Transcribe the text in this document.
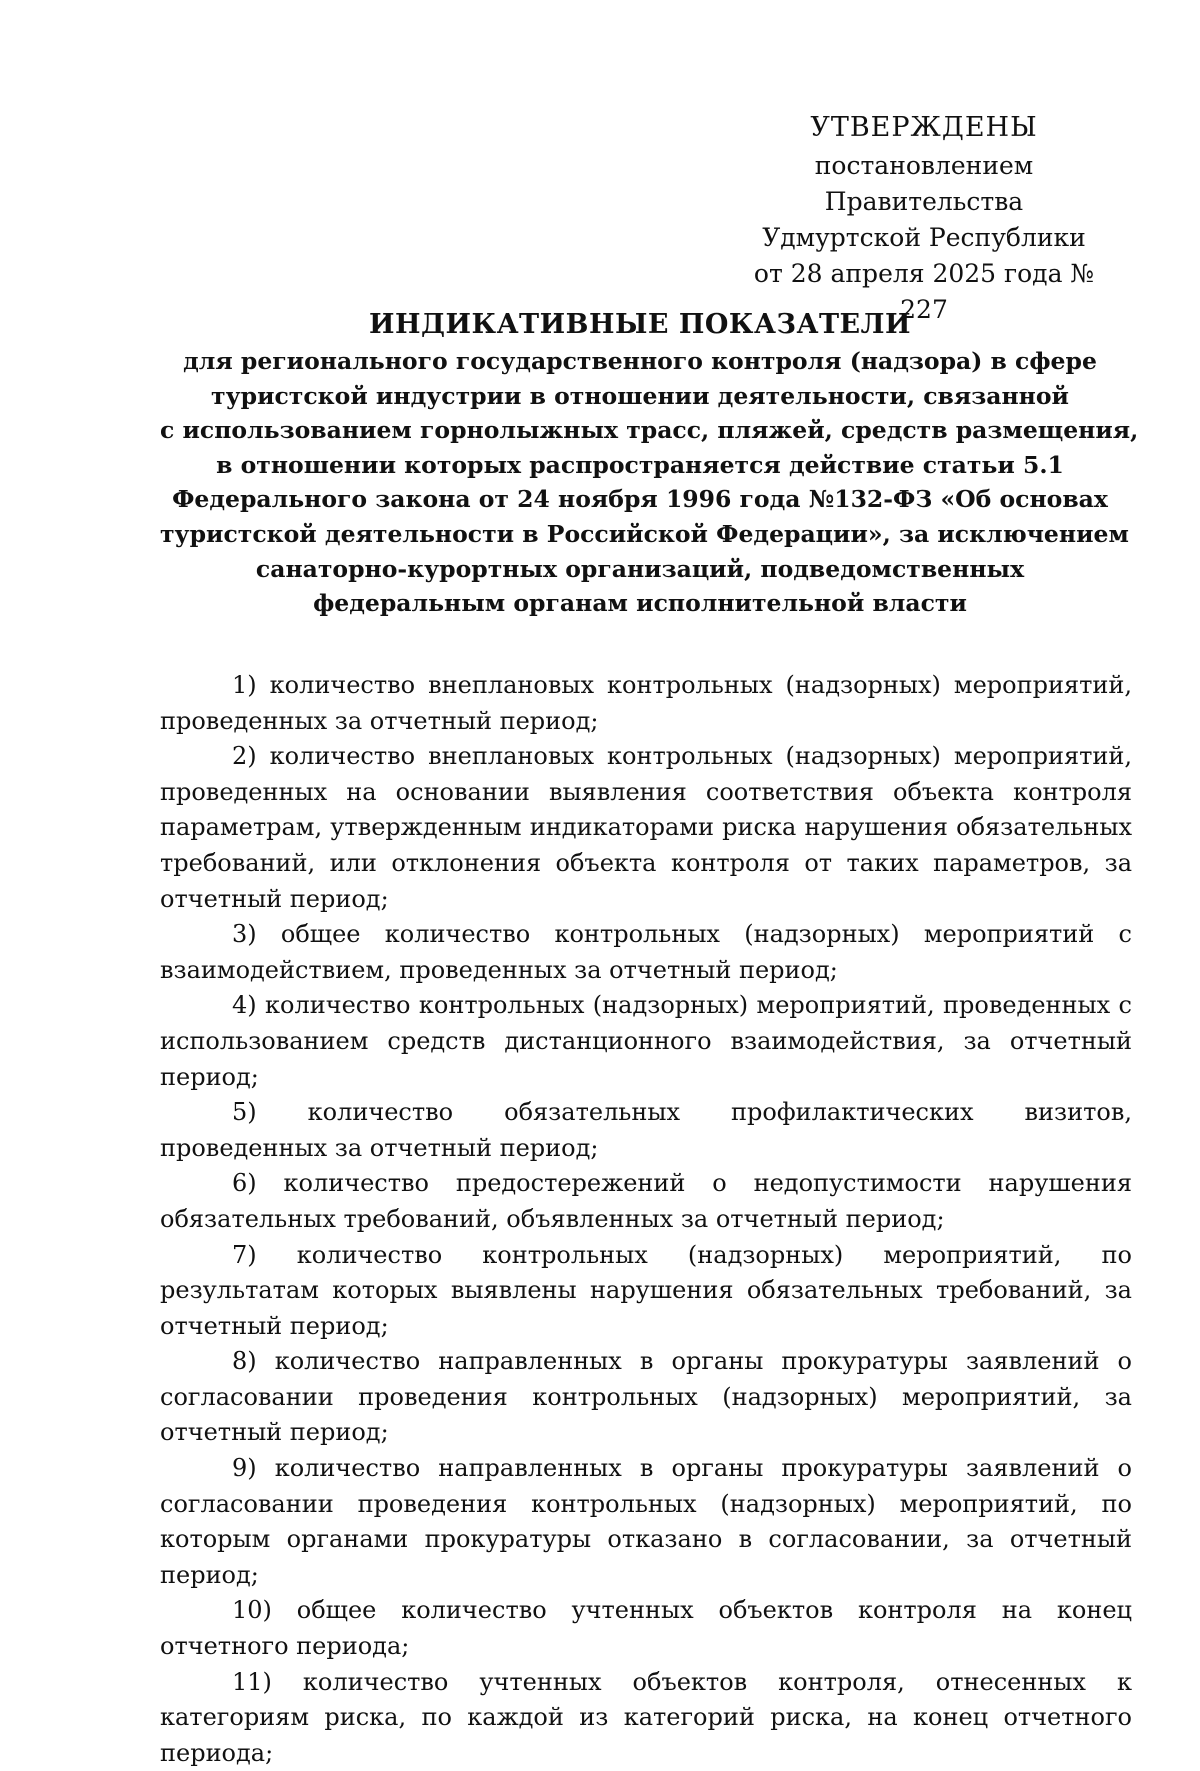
УТВЕРЖДЕНЫ
постановлением Правительства
Удмуртской Республики
от 28 апреля 2025 года № 227
ИНДИКАТИВНЫЕ ПОКАЗАТЕЛИ
для регионального государственного контроля (надзора) в сфере
туристской индустрии в отношении деятельности, связанной
с использованием горнолыжных трасс, пляжей, средств размещения,
в отношении которых распространяется действие статьи 5.1
Федерального закона от 24 ноября 1996 года №132-ФЗ «Об основах
туристской деятельности в Российской Федерации», за исключением
санаторно-курортных организаций, подведомственных
федеральным органам исполнительной власти

1) количество внеплановых контрольных (надзорных) мероприятий, проведенных за отчетный период;

2) количество внеплановых контрольных (надзорных) мероприятий, проведенных на основании выявления соответствия объекта контроля параметрам, утвержденным индикаторами риска нарушения обязательных требований, или отклонения объекта контроля от таких параметров, за отчетный период;

3) общее количество контрольных (надзорных) мероприятий с взаимодействием, проведенных за отчетный период;

4) количество контрольных (надзорных) мероприятий, проведенных с использованием средств дистанционного взаимодействия, за отчетный период;

5) количество обязательных профилактических визитов, проведенных за отчетный период;

6) количество предостережений о недопустимости нарушения обязательных требований, объявленных за отчетный период;

7) количество контрольных (надзорных) мероприятий, по результатам которых выявлены нарушения обязательных требований, за отчетный период;

8) количество направленных в органы прокуратуры заявлений о согласовании проведения контрольных (надзорных) мероприятий, за отчетный период;

9) количество направленных в органы прокуратуры заявлений о согласовании проведения контрольных (надзорных) мероприятий, по которым органами прокуратуры отказано в согласовании, за отчетный период;

10) общее количество учтенных объектов контроля на конец отчетного периода;

11) количество учтенных объектов контроля, отнесенных к категориям риска, по каждой из категорий риска, на конец отчетного периода;
